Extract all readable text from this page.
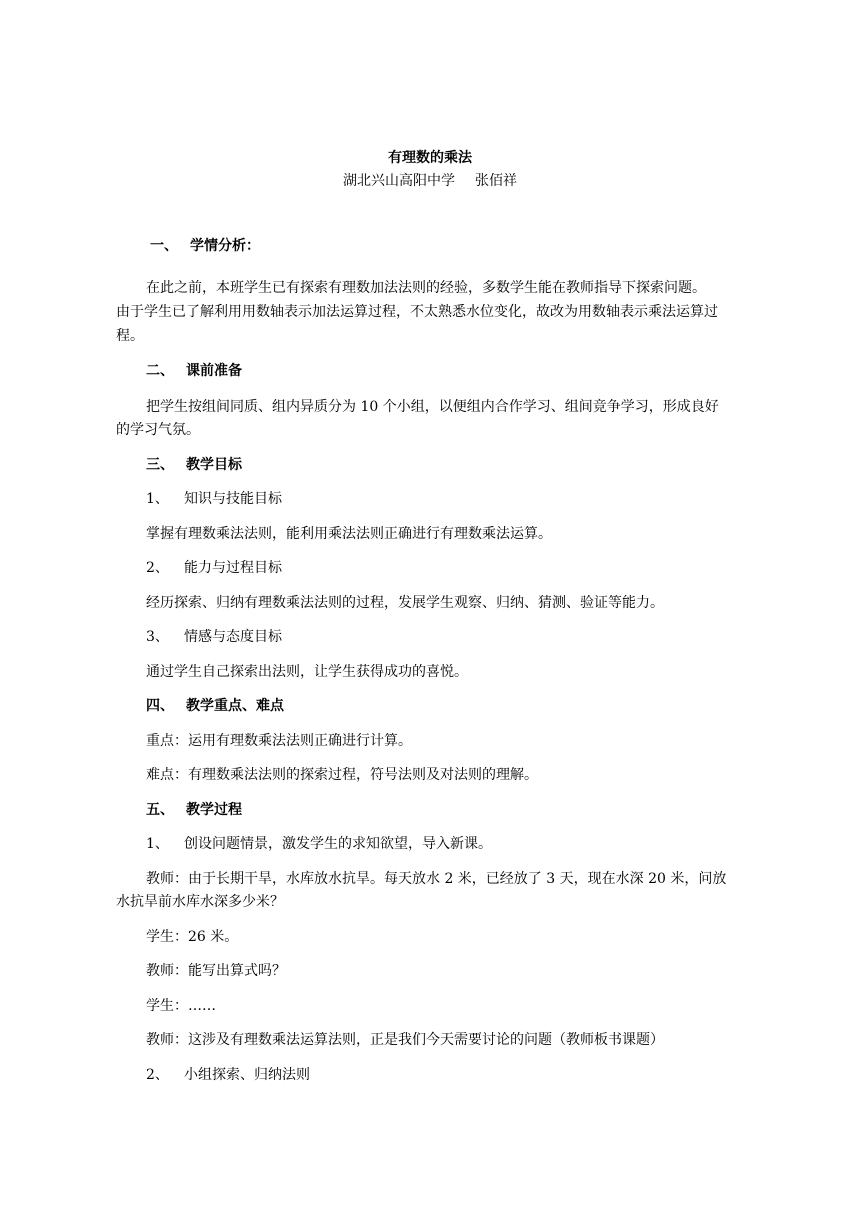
有理数的乘法
湖北兴山高阳中学 张佰祥
一、 学情分析：
在此之前，本班学生已有探索有理数加法法则的经验，多数学生能在教师指导下探索问题。
由于学生已了解利用用数轴表示加法运算过程，不太熟悉水位变化，故改为用数轴表示乘法运算过
程。
二、 课前准备
把学生按组间同质、组内异质分为 10 个小组，以便组内合作学习、组间竞争学习，形成良好
的学习气氛。
三、 教学目标
1、 知识与技能目标
掌握有理数乘法法则，能利用乘法法则正确进行有理数乘法运算。
2、 能力与过程目标
经历探索、归纳有理数乘法法则的过程，发展学生观察、归纳、猜测、验证等能力。
3、 情感与态度目标
通过学生自己探索出法则，让学生获得成功的喜悦。
四、 教学重点、难点
重点：运用有理数乘法法则正确进行计算。
难点：有理数乘法法则的探索过程，符号法则及对法则的理解。
五、 教学过程
1、 创设问题情景，激发学生的求知欲望，导入新课。
教师：由于长期干旱，水库放水抗旱。每天放水 2 米，已经放了 3 天，现在水深 20 米，问放
水抗旱前水库水深多少米？
学生：26 米。
教师：能写出算式吗？
学生：……
教师：这涉及有理数乘法运算法则，正是我们今天需要讨论的问题（教师板书课题）
2、 小组探索、归纳法则
